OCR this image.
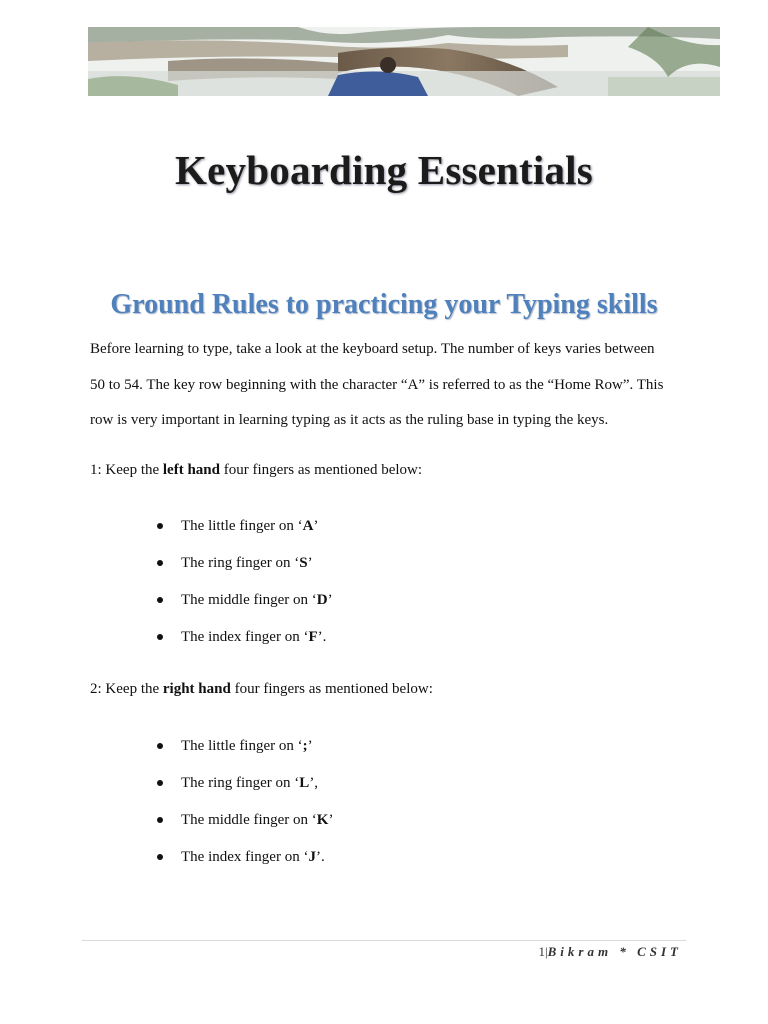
Keyboarding Essentials
Ground Rules to practicing your Typing skills

Before learning to type, take a look at the keyboard setup. The number of keys varies between
50 to 54. The key row beginning with the character “A” is referred to as the “Home Row”. This
row is very important in learning typing as it acts as the ruling base in typing the keys.

1: Keep the left hand four fingers as mentioned below:

The little finger on ‘A’
The ring finger on ‘S’
The middle finger on ‘D’
The index finger on ‘F’.

2: Keep the right hand four fingers as mentioned below:

The little finger on ‘;’
The ring finger on ‘L’,
The middle finger on ‘K’
The index finger on ‘J’.
1|Bikram * CSIT
